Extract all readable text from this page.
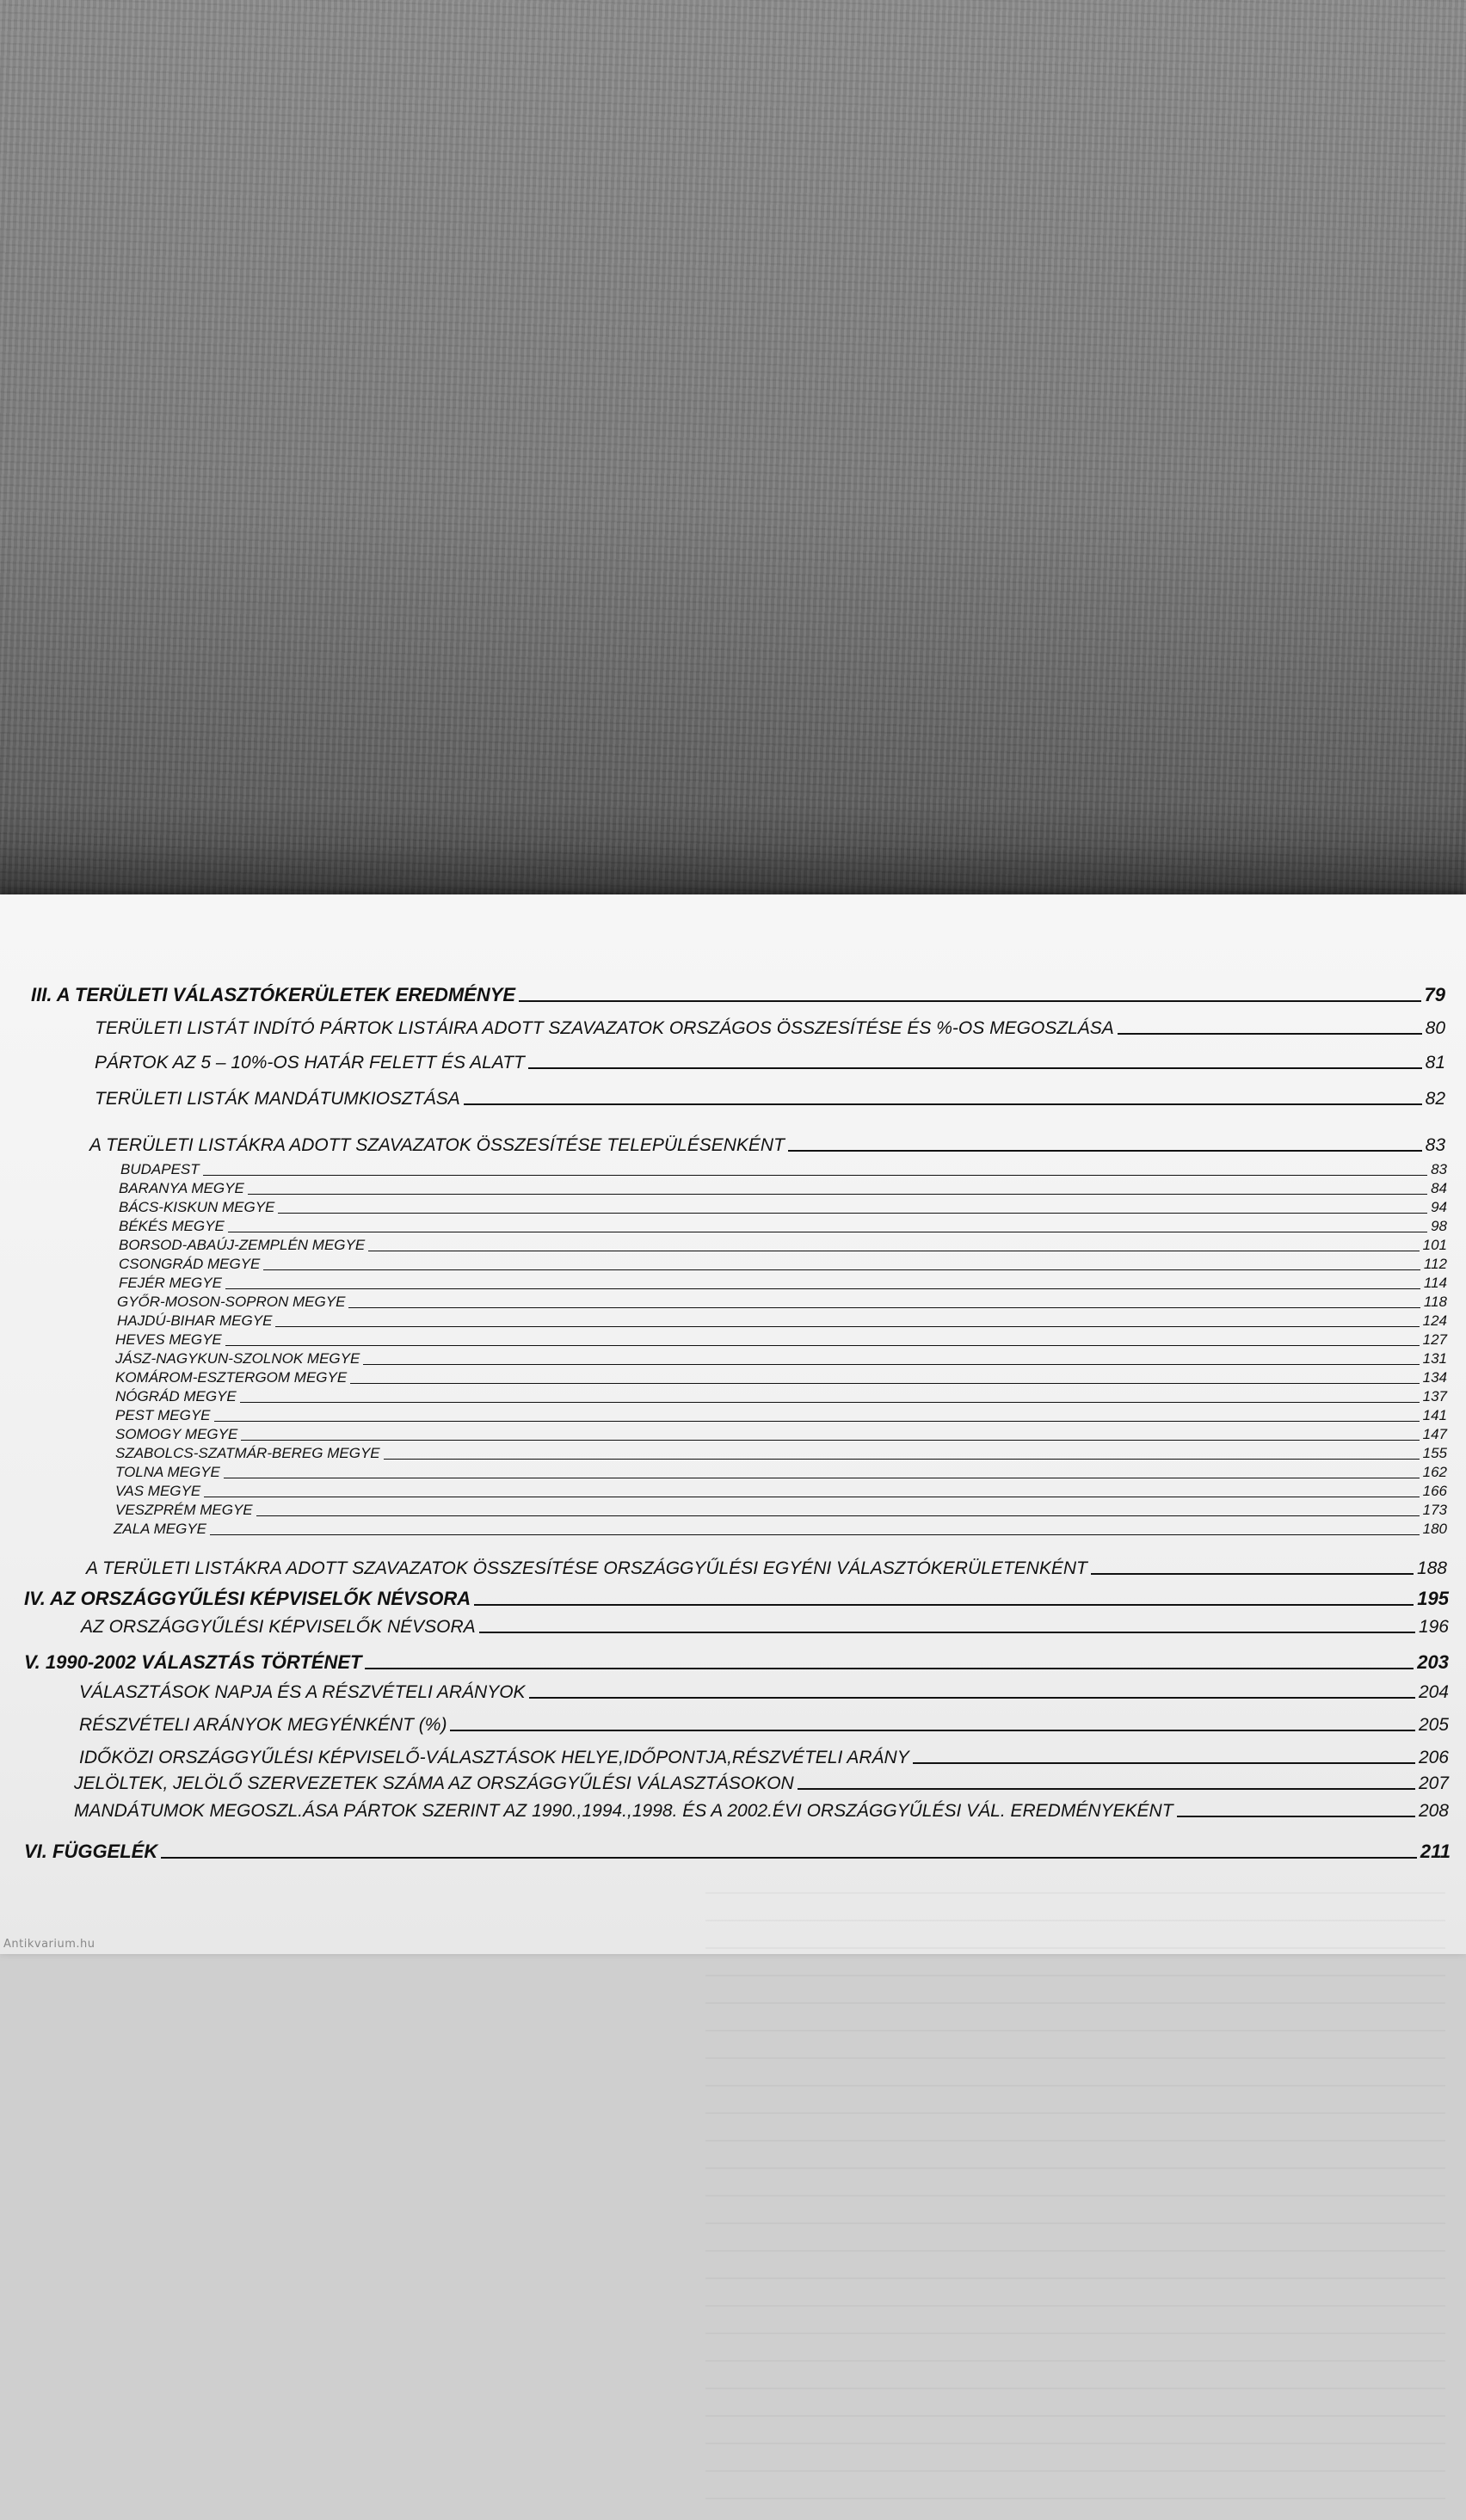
III. A TERÜLETI VÁLASZTÓKERÜLETEK EREDMÉNYE	79
TERÜLETI LISTÁT INDÍTÓ PÁRTOK LISTÁIRA ADOTT SZAVAZATOK ORSZÁGOS ÖSSZESÍTÉSE ÉS %-OS MEGOSZLÁSA	80
PÁRTOK AZ 5 – 10%-OS HATÁR FELETT ÉS ALATT	81
TERÜLETI LISTÁK MANDÁTUMKIOSZTÁSA	82
A TERÜLETI LISTÁKRA ADOTT SZAVAZATOK ÖSSZESÍTÉSE TELEPÜLÉSENKÉNT	83
BUDAPEST	83
BARANYA MEGYE	84
BÁCS-KISKUN MEGYE	94
BÉKÉS MEGYE	98
BORSOD-ABAÚJ-ZEMPLÉN MEGYE	101
CSONGRÁD MEGYE	112
FEJÉR MEGYE	114
GYŐR-MOSON-SOPRON MEGYE	118
HAJDÚ-BIHAR MEGYE	124
HEVES MEGYE	127
JÁSZ-NAGYKUN-SZOLNOK MEGYE	131
KOMÁROM-ESZTERGOM MEGYE	134
NÓGRÁD MEGYE	137
PEST MEGYE	141
SOMOGY MEGYE	147
SZABOLCS-SZATMÁR-BEREG MEGYE	155
TOLNA MEGYE	162
VAS MEGYE	166
VESZPRÉM MEGYE	173
ZALA MEGYE	180
A TERÜLETI LISTÁKRA ADOTT SZAVAZATOK ÖSSZESÍTÉSE ORSZÁGGYŰLÉSI EGYÉNI VÁLASZTÓKERÜLETENKÉNT	188
IV. AZ ORSZÁGGYŰLÉSI KÉPVISELŐK NÉVSORA	195
AZ ORSZÁGGYŰLÉSI KÉPVISELŐK NÉVSORA	196
V. 1990-2002 VÁLASZTÁS TÖRTÉNET	203
VÁLASZTÁSOK NAPJA ÉS A RÉSZVÉTELI ARÁNYOK	204
RÉSZVÉTELI ARÁNYOK MEGYÉNKÉNT (%)	205
IDŐKÖZI ORSZÁGGYŰLÉSI KÉPVISELŐ-VÁLASZTÁSOK HELYE,IDŐPONTJA,RÉSZVÉTELI ARÁNY	206
JELÖLTEK, JELÖLŐ SZERVEZETEK SZÁMA AZ ORSZÁGGYŰLÉSI VÁLASZTÁSOKON	207
MANDÁTUMOK MEGOSZL.ÁSA PÁRTOK SZERINT AZ 1990.,1994.,1998. ÉS A 2002.ÉVI ORSZÁGGYŰLÉSI VÁL. EREDMÉNYEKÉNT	208
VI. FÜGGELÉK	211
Antikvarium.hu
